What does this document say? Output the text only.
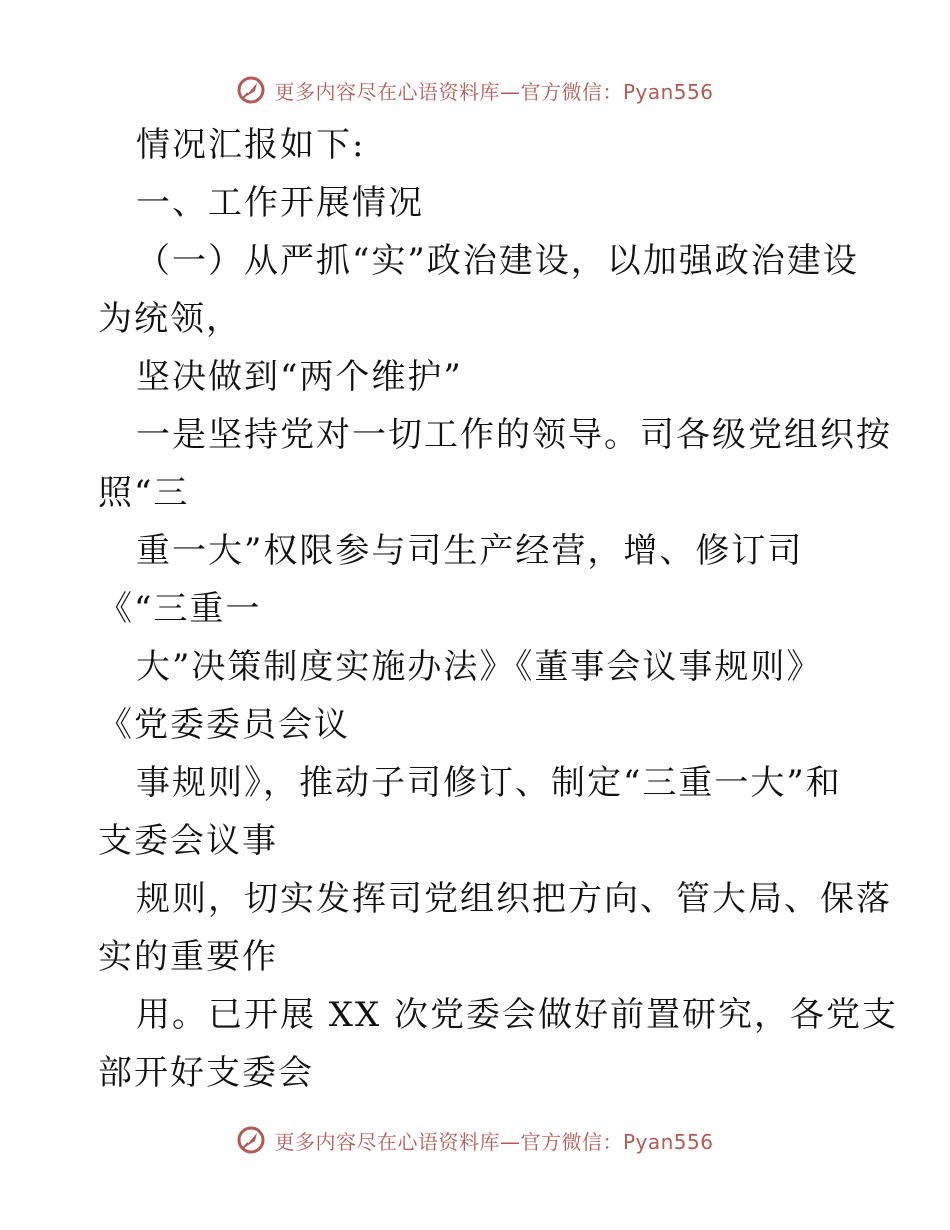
更多内容尽在心语资料库—官方微信：Pyan556
情况汇报如下:
一、工作开展情况
（一）从严抓“实”政治建设，以加强政治建设
为统领，
坚决做到“两个维护”
一是坚持党对一切工作的领导。司各级党组织按
照“三
重一大”权限参与司生产经营，增、修订司
《“三重一
大”决策制度实施办法》《董事会议事规则》
《党委委员会议
事规则》，推动子司修订、制定“三重一大”和
支委会议事
规则，切实发挥司党组织把方向、管大局、保落
实的重要作
用。已开展 XX 次党委会做好前置研究，各党支
部开好支委会
更多内容尽在心语资料库—官方微信：Pyan556
